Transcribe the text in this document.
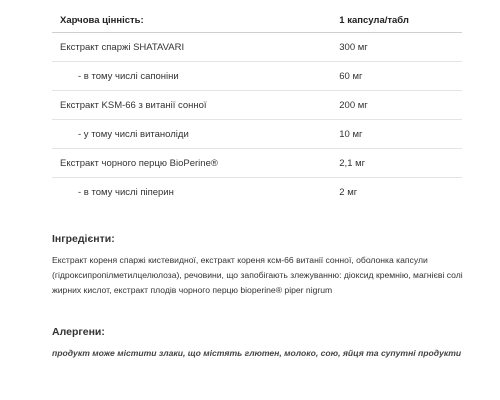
Харчова цінність:	1 капсула/табл
Екстракт спаржі SHATAVARI	300 мг
- в тому числі сапоніни	60 мг
Екстракт KSM-66 з витанії сонної	200 мг
- у тому числі витаноліди	10 мг
Екстракт чорного перцю BioPerine®	2,1 мг
- в тому числі піперин	2 мг
Інгредієнти:

Екстракт кореня спаржі кистевидної, екстракт кореня ксм-66 витанії сонної, оболонка капсули (гідроксипропілметилцелюлоза), речовини, що запобігають злежуванню: діоксид кремнію, магнієві солі жирних кислот, екстракт плодів чорного перцю bioperine® piper nigrum

Алергени:

продукт може містити злаки, що містять глютен, молоко, сою, яйця та супутні продукти
